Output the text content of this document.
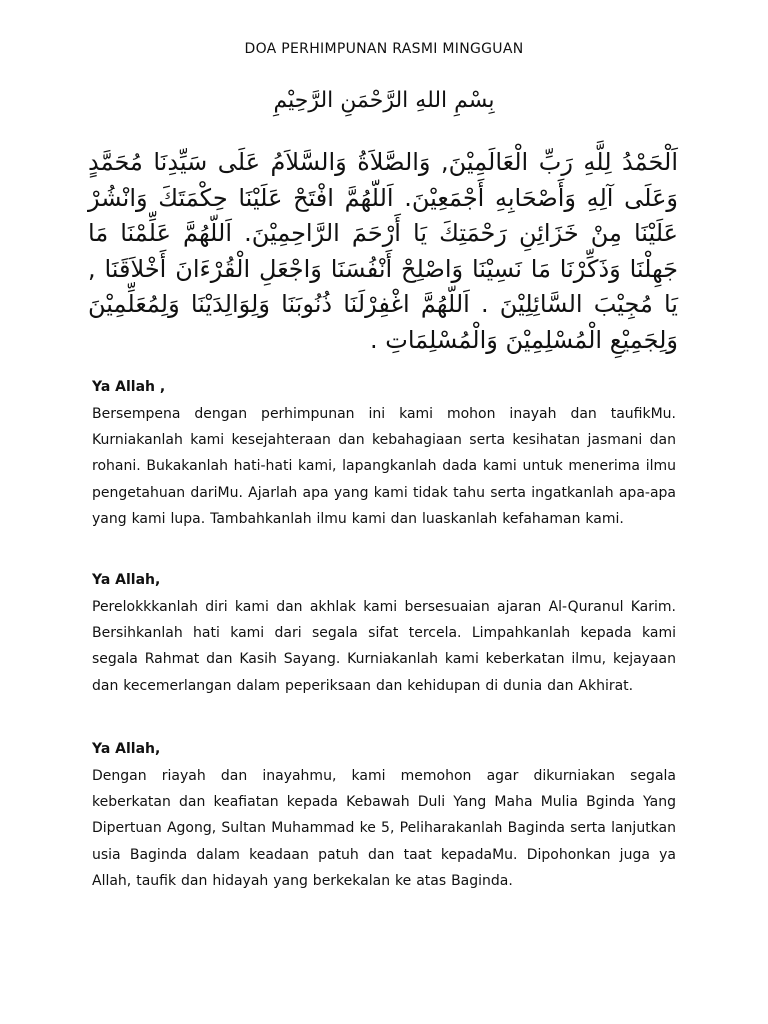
DOA PERHIMPUNAN RASMI MINGGUAN
بِسْمِ اللهِ الرَّحْمَنِ الرَّحِيْمِ
اَلْحَمْدُ لِلَّهِ رَبِّ الْعَالَمِيْنَ, وَالصَّلاَةُ وَالسَّلاَمُ عَلَى سَيِّدِنَا مُحَمَّدٍ وَعَلَى آلِهِ وَأَصْحَابِهِ أَجْمَعِيْنَ. اَللّهُمَّ افْتَحْ عَلَيْنَا حِكْمَتَكَ وَانْشُرْ عَلَيْنَا مِنْ خَزَائِنِ رَحْمَتِكَ يَا أَرْحَمَ الرَّاحِمِيْنَ. اَللّهُمَّ عَلِّمْنَا مَا جَهِلْنَا وَذَكِّرْنَا مَا نَسِيْنَا وَاصْلِحْ أَنْفُسَنَا وَاجْعَلِ الْقُرْءَانَ أَخْلاَقَنَا , يَا مُجِيْبَ السَّائِلِيْنَ . اَللّهُمَّ اغْفِرْلَنَا ذُنُوبَنَا وَلِوَالِدَيْنَا وَلِمُعَلِّمِيْنَ وَلِجَمِيْعِ الْمُسْلِمِيْنَ وَالْمُسْلِمَاتِ .

Ya Allah ,

Bersempena dengan perhimpunan ini kami mohon inayah dan taufikMu. Kurniakanlah kami kesejahteraan dan kebahagiaan serta kesihatan jasmani dan rohani. Bukakanlah hati-hati kami, lapangkanlah dada kami untuk menerima ilmu pengetahuan dariMu. Ajarlah apa yang kami tidak tahu serta ingatkanlah apa-apa yang kami lupa. Tambahkanlah ilmu kami dan luaskanlah kefahaman kami.

Ya Allah,

Perelokkkanlah diri kami dan akhlak kami bersesuaian ajaran Al-Quranul Karim. Bersihkanlah hati kami dari segala sifat tercela. Limpahkanlah kepada kami segala Rahmat dan Kasih Sayang. Kurniakanlah kami keberkatan ilmu, kejayaan dan kecemerlangan dalam peperiksaan dan kehidupan di dunia dan Akhirat.

Ya Allah,

Dengan riayah dan inayahmu, kami memohon agar dikurniakan segala keberkatan dan keafiatan kepada Kebawah Duli Yang Maha Mulia Bginda Yang Dipertuan Agong, Sultan Muhammad ke 5, Peliharakanlah Baginda serta lanjutkan usia Baginda dalam keadaan patuh dan taat kepadaMu. Dipohonkan juga ya Allah, taufik dan hidayah yang berkekalan ke atas Baginda.
